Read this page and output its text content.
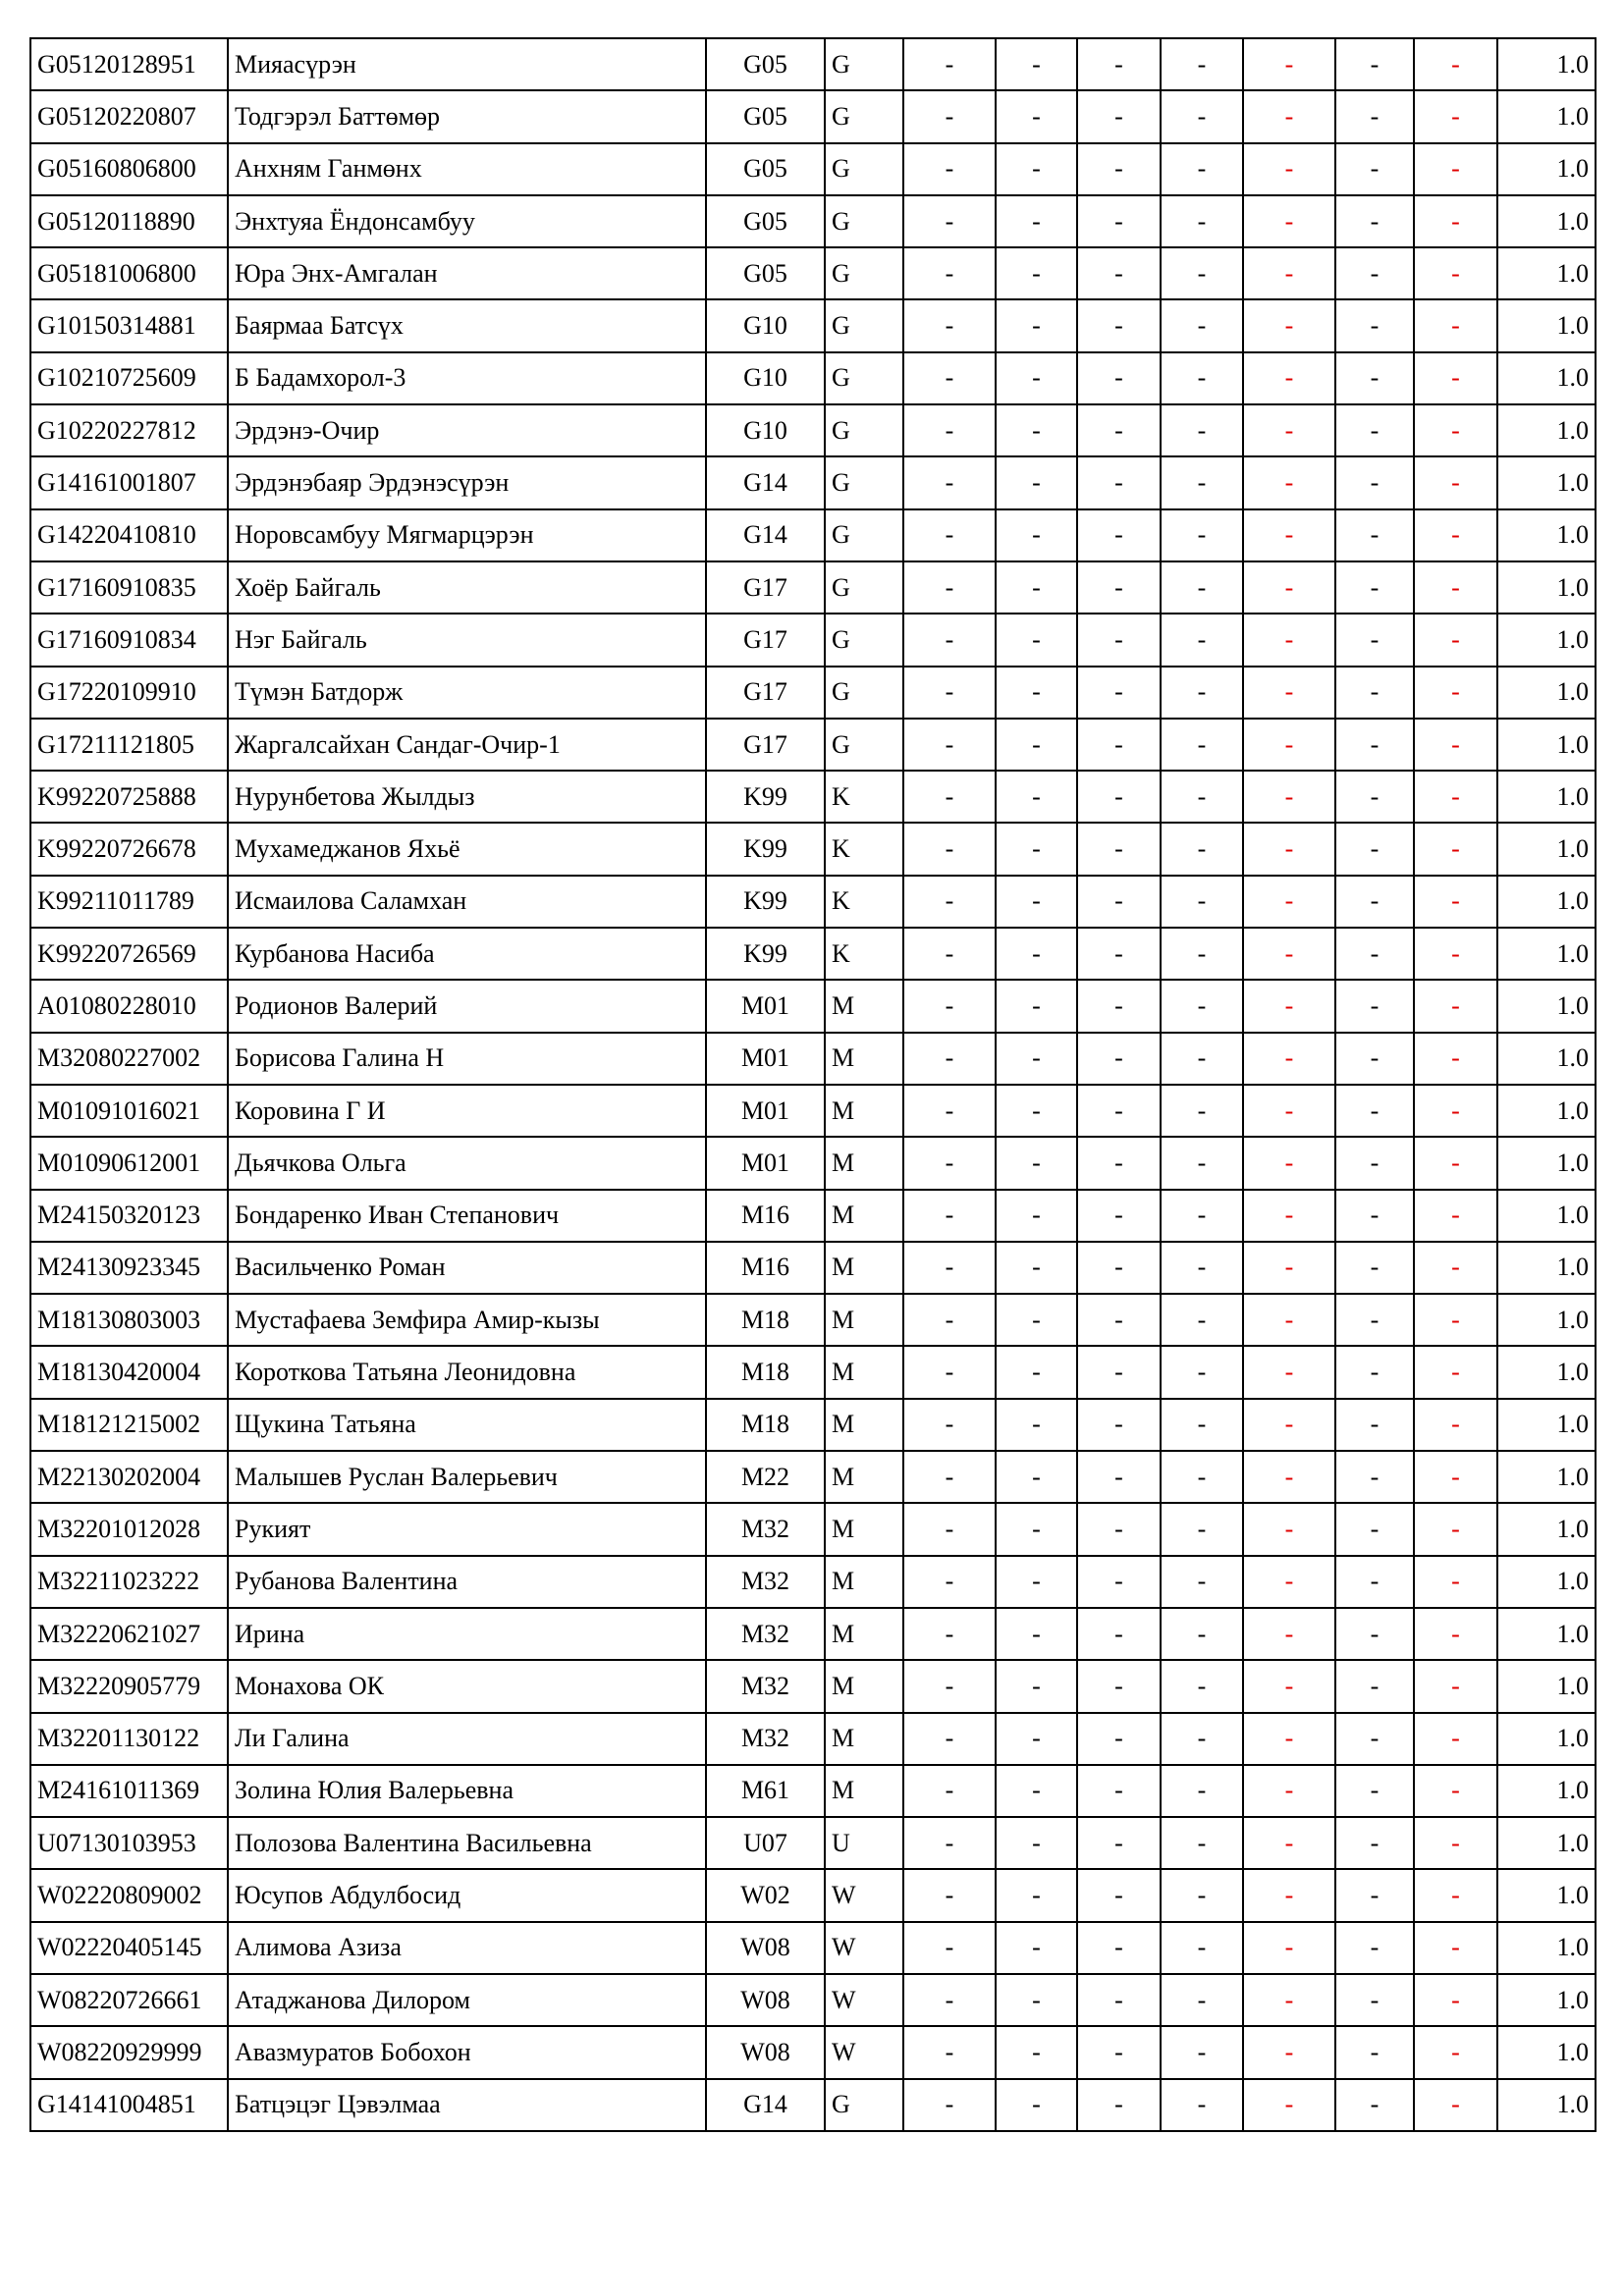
G05120128951	Мияасүрэн	G05	G	-	-	-	-	-	-	-	1.0
G05120220807	Тодгэрэл Баттөмөр	G05	G	-	-	-	-	-	-	-	1.0
G05160806800	Анхням Ганмөнх	G05	G	-	-	-	-	-	-	-	1.0
G05120118890	Энхтуяа Ёндонсамбуу	G05	G	-	-	-	-	-	-	-	1.0
G05181006800	Юра Энх-Амгалан	G05	G	-	-	-	-	-	-	-	1.0
G10150314881	Баярмаа Батсүх	G10	G	-	-	-	-	-	-	-	1.0
G10210725609	Б Бадамхорол-3	G10	G	-	-	-	-	-	-	-	1.0
G10220227812	Эрдэнэ-Очир	G10	G	-	-	-	-	-	-	-	1.0
G14161001807	Эрдэнэбаяр Эрдэнэсүрэн	G14	G	-	-	-	-	-	-	-	1.0
G14220410810	Норовсамбуу Мягмарцэрэн	G14	G	-	-	-	-	-	-	-	1.0
G17160910835	Хоёр Байгаль	G17	G	-	-	-	-	-	-	-	1.0
G17160910834	Нэг Байгаль	G17	G	-	-	-	-	-	-	-	1.0
G17220109910	Түмэн Батдорж	G17	G	-	-	-	-	-	-	-	1.0
G17211121805	Жаргалсайхан Сандаг-Очир-1	G17	G	-	-	-	-	-	-	-	1.0
K99220725888	Нурунбетова Жылдыз	K99	K	-	-	-	-	-	-	-	1.0
K99220726678	Мухамеджанов Яхьё	K99	K	-	-	-	-	-	-	-	1.0
K99211011789	Исмаилова Саламхан	K99	K	-	-	-	-	-	-	-	1.0
K99220726569	Курбанова Насиба	K99	K	-	-	-	-	-	-	-	1.0
A01080228010	Родионов Валерий	M01	M	-	-	-	-	-	-	-	1.0
M32080227002	Борисова Галина Н	M01	M	-	-	-	-	-	-	-	1.0
M01091016021	Коровина Г И	M01	M	-	-	-	-	-	-	-	1.0
M01090612001	Дьячкова Ольга	M01	M	-	-	-	-	-	-	-	1.0
M24150320123	Бондаренко Иван Степанович	M16	M	-	-	-	-	-	-	-	1.0
M24130923345	Васильченко Роман	M16	M	-	-	-	-	-	-	-	1.0
M18130803003	Мустафаева Земфира Амир-кызы	M18	M	-	-	-	-	-	-	-	1.0
M18130420004	Короткова Татьяна Леонидовна	M18	M	-	-	-	-	-	-	-	1.0
M18121215002	Щукина Татьяна	M18	M	-	-	-	-	-	-	-	1.0
M22130202004	Малышев Руслан Валерьевич	M22	M	-	-	-	-	-	-	-	1.0
M32201012028	Рукият	M32	M	-	-	-	-	-	-	-	1.0
M32211023222	Рубанова Валентина	M32	M	-	-	-	-	-	-	-	1.0
M32220621027	Ирина	M32	M	-	-	-	-	-	-	-	1.0
M32220905779	Монахова ОК	M32	M	-	-	-	-	-	-	-	1.0
M32201130122	Ли Галина	M32	M	-	-	-	-	-	-	-	1.0
M24161011369	Золина Юлия Валерьевна	M61	M	-	-	-	-	-	-	-	1.0
U07130103953	Полозова Валентина Васильевна	U07	U	-	-	-	-	-	-	-	1.0
W02220809002	Юсупов Абдулбосид	W02	W	-	-	-	-	-	-	-	1.0
W02220405145	Алимова Азиза	W08	W	-	-	-	-	-	-	-	1.0
W08220726661	Атаджанова Дилором	W08	W	-	-	-	-	-	-	-	1.0
W08220929999	Авазмуратов Бобохон	W08	W	-	-	-	-	-	-	-	1.0
G14141004851	Батцэцэг Цэвэлмаа	G14	G	-	-	-	-	-	-	-	1.0
